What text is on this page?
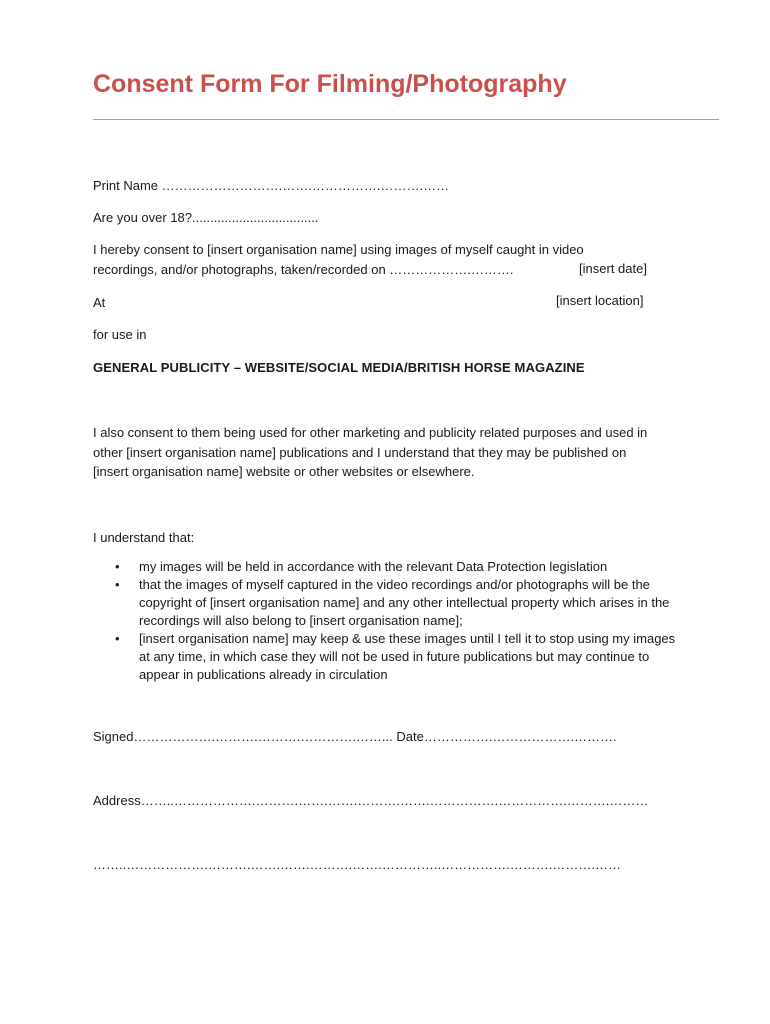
Consent Form For Filming/Photography
Print Name ……………………….…….…………….……….……
Are you over 18?...................................
I hereby consent to [insert organisation name] using images of myself caught in video
recordings, and/or photographs, taken/recorded on ……………….……….	[insert date]
At	[insert location]
for use in
GENERAL PUBLICITY – WEBSITE/SOCIAL MEDIA/BRITISH HORSE MAGAZINE
I also consent to them being used for other marketing and publicity related purposes and used in other [insert organisation name] publications and I understand that they may be published on [insert organisation name] website or other websites or elsewhere.
I understand that:
• my images will be held in accordance with the relevant Data Protection legislation
• that the images of myself captured in the video recordings and/or photographs will be the copyright of [insert organisation name] and any other intellectual property which arises in the recordings will also belong to [insert organisation name];
• [insert organisation name] may keep & use these images until I tell it to stop using my images at any time, in which case they will not be used in future publications but may continue to appear in publications already in circulation
Signed……………….……….……….………….……... Date…………….……………….……….
Address……..……………….……….…….…….……….…….…………….…………….……….………
……..……………….……….…….…….……….…….…………..…………….……….……….……
